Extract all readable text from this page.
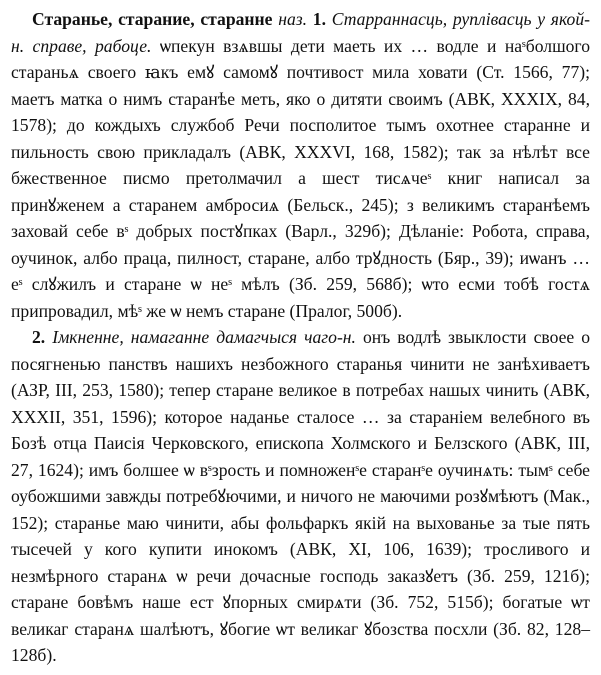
Старанье, старание, старанне наз. 1. Старраннасць, руплівасць у якой-н. справе, рабоце. ѡпекун взѧвшы дети маеть их … водле и наˢболшого стараньѧ своего ꙗкъ емꙋ самомꙋ почтивост мила ховати (Ст. 1566, 77); маетъ матка о нимъ старанѣе меть, яко о дитяти своимъ (АВК, XXXIX, 84, 1578); до кождыхъ службоб Речи посполитое тымъ охотнее старанне и пильность свою прикладалъ (АВК, XXXVI, 168, 1582); так за нѣлѣт все бжественное писмо претолмачил а шест тисѧчеˢ книг написал за принꙋженем а старанем амбросиѧ (Бельск., 245); з великимъ старанѣемъ заховай себе вˢ добрых постꙋпках (Варл., 329б); Дѣланіе: Робота, справа, оучинок, албо праца, пилност, старане, албо трꙋдность (Бяр., 39); иѡанъ … еˢ слꙋжилъ и старане ѡ неˢ мѣлъ (Зб. 259, 568б); ѡто есми тобѣ гостѧ припровадил, мѣˢ же ѡ немъ старане (Пралог, 500б).

2. Імкненне, намаганне дамагчыся чаго-н. онъ водлѣ звыклости своее о посягненью панствъ нашихъ незбожного старанья чинити не занѣхиваетъ (АЗР, III, 253, 1580); тепер старане великое в потребах нашых чинить (АВК, XXXII, 351, 1596); которое наданье сталосе … за стараніем велебного въ Бозѣ отца Паисія Черковского, епископа Холмского и Белзского (АВК, III, 27, 1624); имъ болшее ѡ вˢзрость и помноженˢе старанˢе оучинѧть: тымˢ себе оубожшими завжды потребꙋючими, и ничого не маючими розꙋмѣютъ (Мак., 152); старанье маю чинити, абы фольфаркъ якій на выхованье за тые пять тысечей у кого купити инокомъ (АВК, XI, 106, 1639); тросливого и незмѣрного старанѧ ѡ речи дочасные господь заказꙋетъ (Зб. 259, 121б); старане бовѣмъ наше ест ꙋпорных смирѧти (Зб. 752, 515б); богатые ѡт великаг старанѧ шалѣютъ, ꙋбогие ѡт великаг ꙋбозства посхли (Зб. 82, 128–128б).
